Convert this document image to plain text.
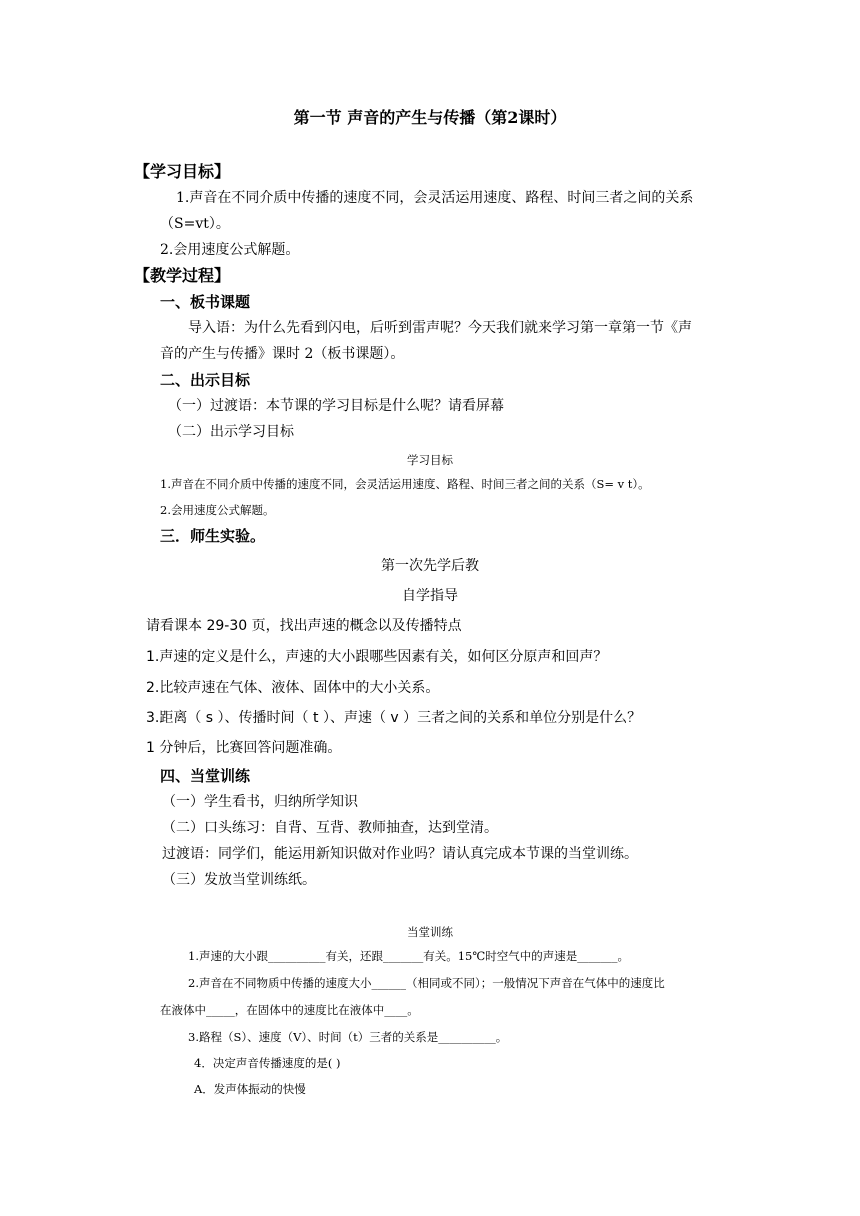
第一节 声音的产生与传播（第2课时）
【学习目标】
1.声音在不同介质中传播的速度不同，会灵活运用速度、路程、时间三者之间的关系
（S=vt）。
2.会用速度公式解题。
【教学过程】
一、板书课题
导入语：为什么先看到闪电，后听到雷声呢？今天我们就来学习第一章第一节《声
音的产生与传播》课时 2（板书课题）。
二、出示目标
（一）过渡语：本节课的学习目标是什么呢？请看屏幕
（二）出示学习目标
学习目标
1.声音在不同介质中传播的速度不同，会灵活运用速度、路程、时间三者之间的关系（S= v t）。
2.会用速度公式解题。
三．师生实验。
第一次先学后教
自学指导
请看课本 29-30 页，找出声速的概念以及传播特点
1.声速的定义是什么，声速的大小跟哪些因素有关，如何区分原声和回声？
2.比较声速在气体、液体、固体中的大小关系。
3.距离（ s ）、传播时间（ t ）、声速（ v ）三者之间的关系和单位分别是什么？
1 分钟后，比赛回答问题准确。
四、当堂训练
（一）学生看书，归纳所学知识
（二）口头练习：自背、互背、教师抽查，达到堂清。
过渡语：同学们，能运用新知识做对作业吗？请认真完成本节课的当堂训练。
（三）发放当堂训练纸。
当堂训练
1.声速的大小跟__________有关，还跟_______有关。15℃时空气中的声速是_______。
2.声音在不同物质中传播的速度大小______（相同或不同）；一般情况下声音在气体中的速度比
在液体中_____，在固体中的速度比在液体中____。
3.路程（S）、速度（V）、时间（t）三者的关系是__________。
4．决定声音传播速度的是( )
A．发声体振动的快慢
